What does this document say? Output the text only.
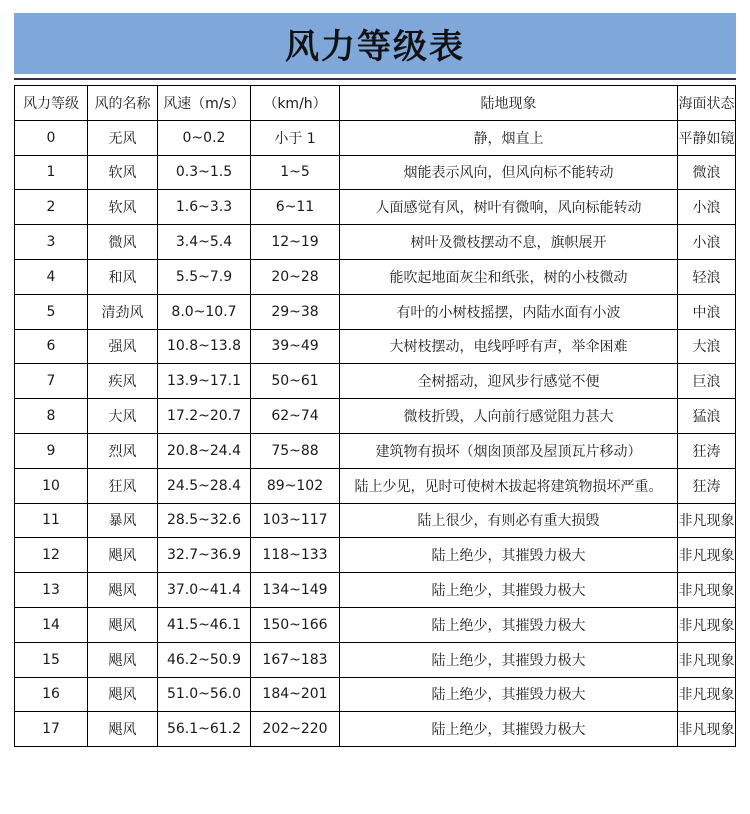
风力等级表
风力等级	风的名称	风速（m/s）	（km/h）	陆地现象	海面状态
0	无风	0~0.2	小于 1	静，烟直上	平静如镜
1	软风	0.3~1.5	1~5	烟能表示风向，但风向标不能转动	微浪
2	软风	1.6~3.3	6~11	人面感觉有风，树叶有微响，风向标能转动	小浪
3	微风	3.4~5.4	12~19	树叶及微枝摆动不息，旗帜展开	小浪
4	和风	5.5~7.9	20~28	能吹起地面灰尘和纸张，树的小枝微动	轻浪
5	清劲风	8.0~10.7	29~38	有叶的小树枝摇摆，内陆水面有小波	中浪
6	强风	10.8~13.8	39~49	大树枝摆动，电线呼呼有声，举伞困难	大浪
7	疾风	13.9~17.1	50~61	全树摇动，迎风步行感觉不便	巨浪
8	大风	17.2~20.7	62~74	微枝折毁，人向前行感觉阻力甚大	猛浪
9	烈风	20.8~24.4	75~88	建筑物有损坏（烟囱顶部及屋顶瓦片移动）	狂涛
10	狂风	24.5~28.4	89~102	陆上少见，见时可使树木拔起将建筑物损坏严重。	狂涛
11	暴风	28.5~32.6	103~117	陆上很少，有则必有重大损毁	非凡现象
12	飓风	32.7~36.9	118~133	陆上绝少，其摧毁力极大	非凡现象
13	飓风	37.0~41.4	134~149	陆上绝少，其摧毁力极大	非凡现象
14	飓风	41.5~46.1	150~166	陆上绝少，其摧毁力极大	非凡现象
15	飓风	46.2~50.9	167~183	陆上绝少，其摧毁力极大	非凡现象
16	飓风	51.0~56.0	184~201	陆上绝少，其摧毁力极大	非凡现象
17	飓风	56.1~61.2	202~220	陆上绝少，其摧毁力极大	非凡现象
